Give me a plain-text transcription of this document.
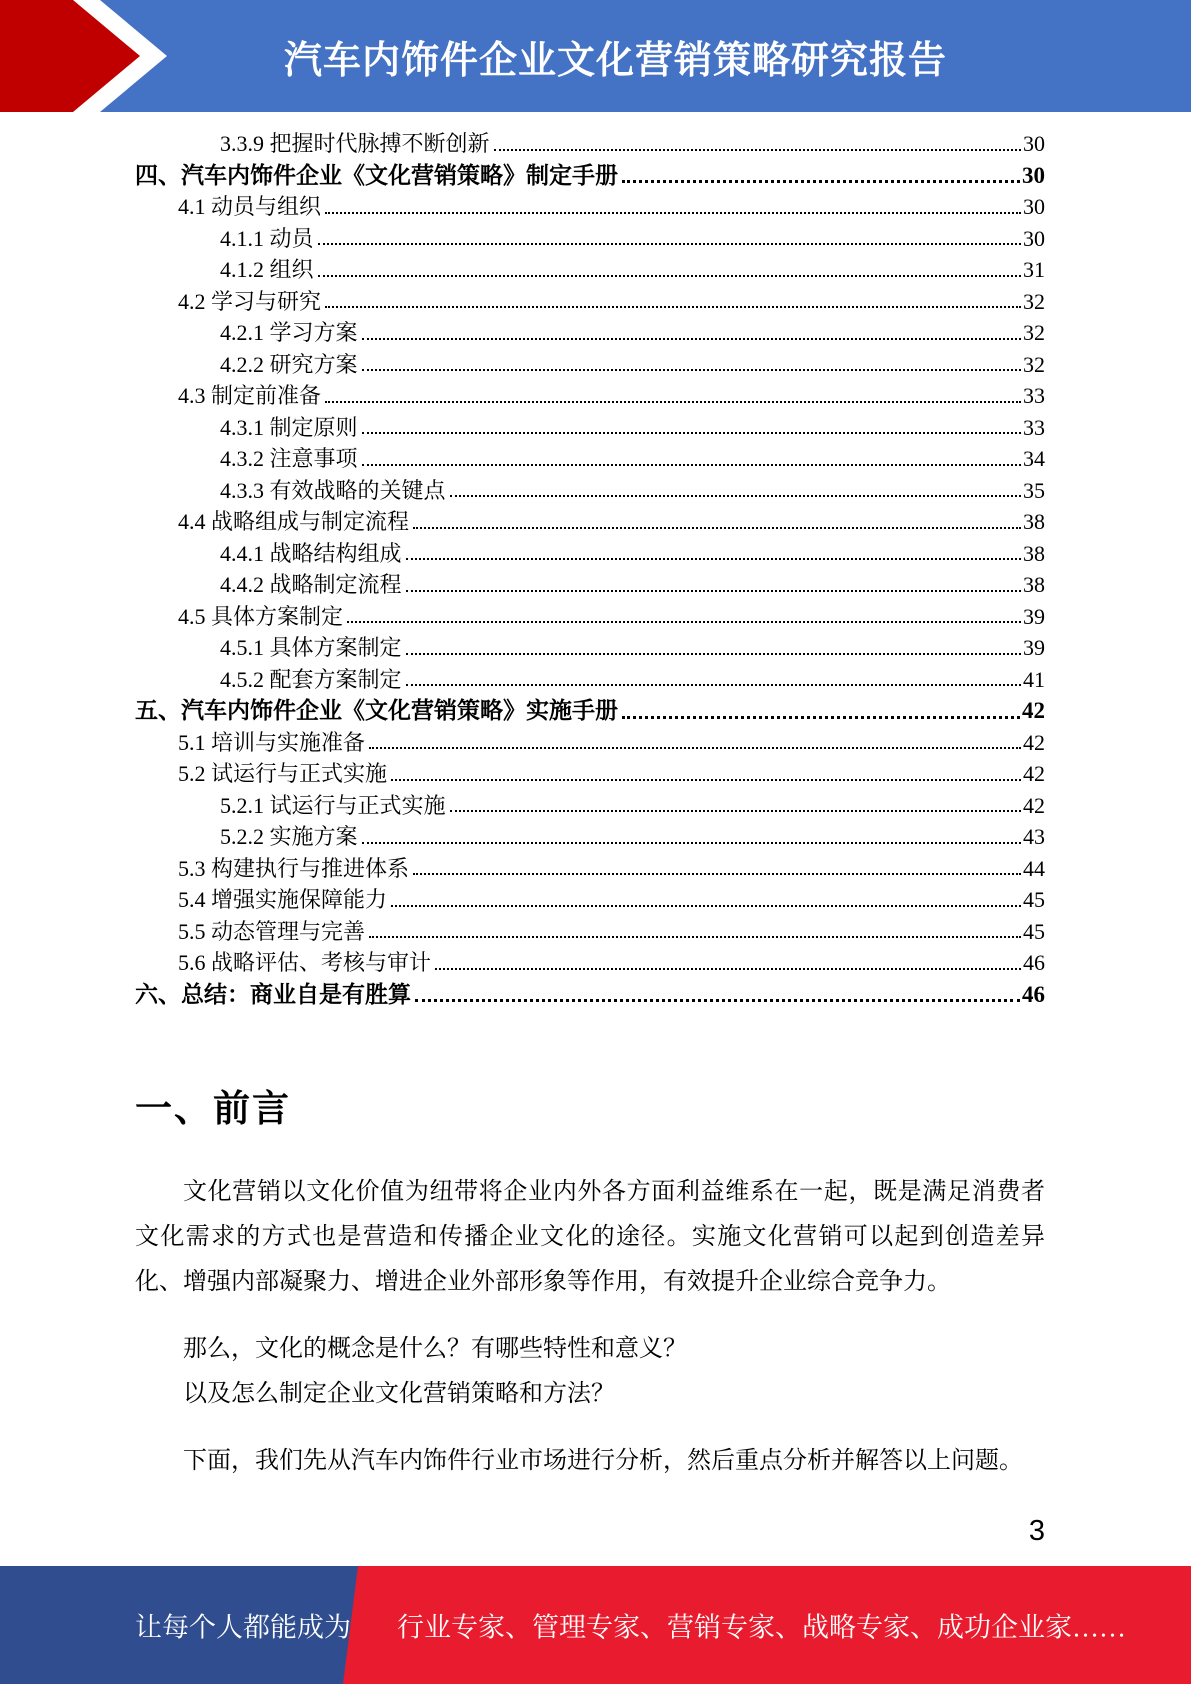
汽车内饰件企业文化营销策略研究报告
3.3.9 把握时代脉搏不断创新	30
四、汽车内饰件企业《文化营销策略》制定手册	30
4.1 动员与组织	30
4.1.1 动员	30
4.1.2 组织	31
4.2 学习与研究	32
4.2.1 学习方案	32
4.2.2 研究方案	32
4.3 制定前准备	33
4.3.1 制定原则	33
4.3.2 注意事项	34
4.3.3 有效战略的关键点	35
4.4 战略组成与制定流程	38
4.4.1 战略结构组成	38
4.4.2 战略制定流程	38
4.5 具体方案制定	39
4.5.1 具体方案制定	39
4.5.2 配套方案制定	41
五、汽车内饰件企业《文化营销策略》实施手册	42
5.1 培训与实施准备	42
5.2 试运行与正式实施	42
5.2.1 试运行与正式实施	42
5.2.2 实施方案	43
5.3 构建执行与推进体系	44
5.4 增强实施保障能力	45
5.5 动态管理与完善	45
5.6 战略评估、考核与审计	46
六、总结：商业自是有胜算	46
一、前言
文化营销以文化价值为纽带将企业内外各方面利益维系在一起，既是满足消费者文化需求的方式也是营造和传播企业文化的途径。实施文化营销可以起到创造差异化、增强内部凝聚力、增进企业外部形象等作用，有效提升企业综合竞争力。
那么，文化的概念是什么？有哪些特性和意义？
以及怎么制定企业文化营销策略和方法？
下面，我们先从汽车内饰件行业市场进行分析，然后重点分析并解答以上问题。
3
让每个人都能成为 行业专家、管理专家、营销专家、战略专家、成功企业家……
